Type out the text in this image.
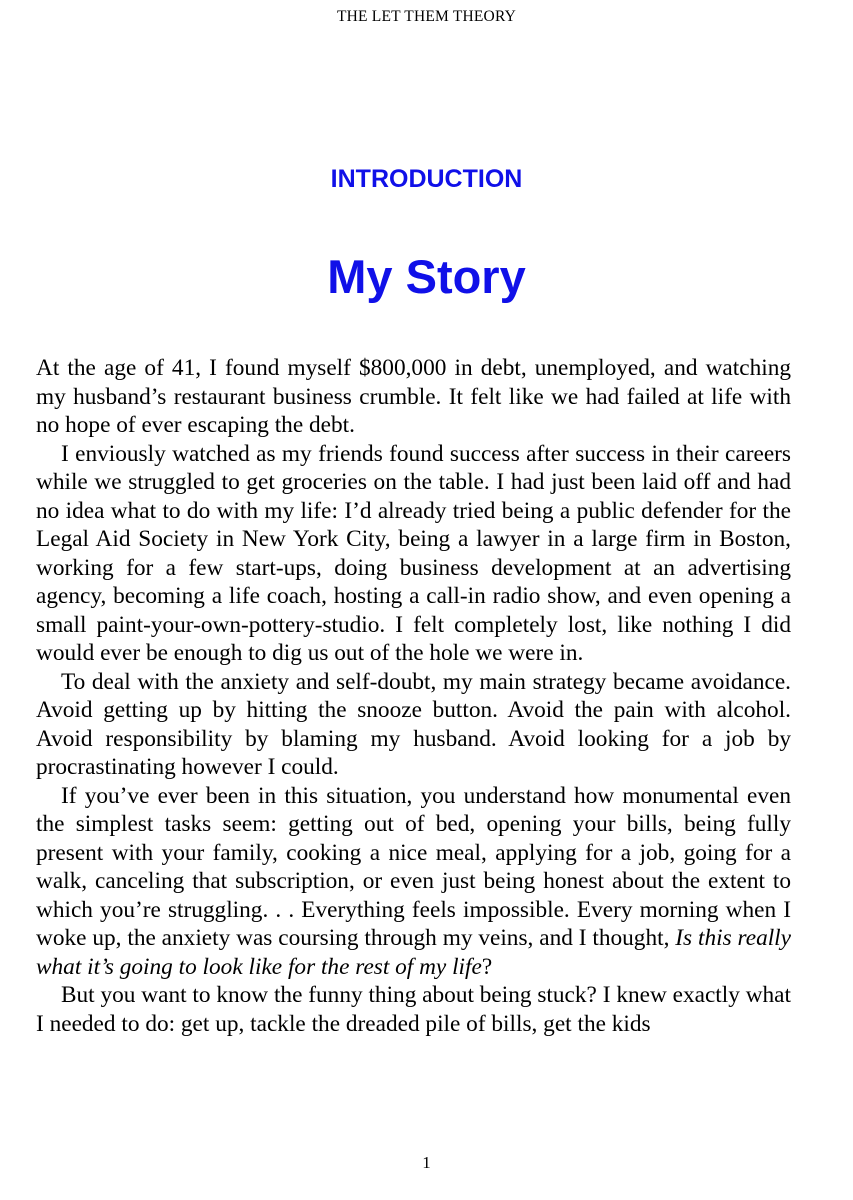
THE LET THEM THEORY
INTRODUCTION
My Story

At the age of 41, I found myself $800,000 in debt, unemployed, and watching my husband’s restaurant business crumble. It felt like we had failed at life with no hope of ever escaping the debt.

I enviously watched as my friends found success after success in their careers while we struggled to get groceries on the table. I had just been laid off and had no idea what to do with my life: I’d already tried being a public defender for the Legal Aid Society in New York City, being a lawyer in a large firm in Boston, working for a few start-ups, doing business development at an advertising agency, becoming a life coach, hosting a call-in radio show, and even opening a small paint-your-own-pottery-studio. I felt completely lost, like nothing I did would ever be enough to dig us out of the hole we were in.

To deal with the anxiety and self-doubt, my main strategy became avoidance. Avoid getting up by hitting the snooze button. Avoid the pain with alcohol. Avoid responsibility by blaming my husband. Avoid looking for a job by procrastinating however I could.

If you’ve ever been in this situation, you understand how monumental even the simplest tasks seem: getting out of bed, opening your bills, being fully present with your family, cooking a nice meal, applying for a job, going for a walk, canceling that subscription, or even just being honest about the extent to which you’re struggling. . . Everything feels impossible. Every morning when I woke up, the anxiety was coursing through my veins, and I thought, Is this really what it’s going to look like for the rest of my life?

But you want to know the funny thing about being stuck? I knew exactly what I needed to do: get up, tackle the dreaded pile of bills, get the kids

1
